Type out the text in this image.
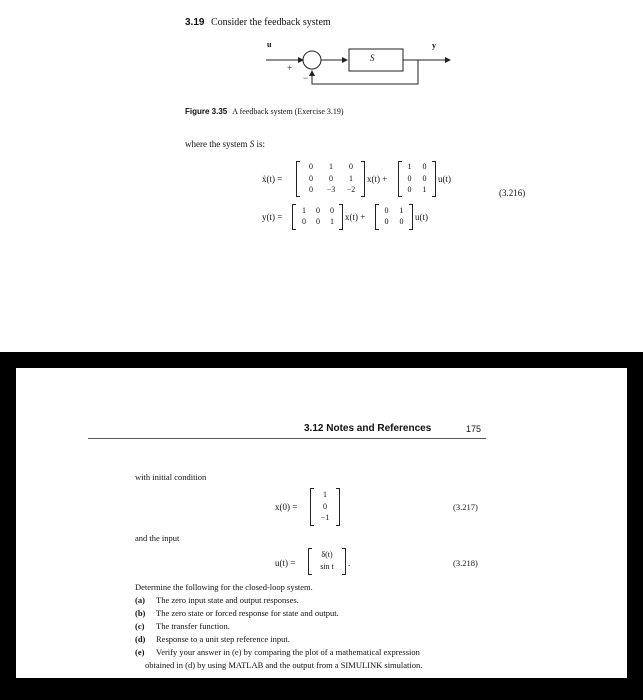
3.19 Consider the feedback system
u	y
S
+
−
Figure 3.35 A feedback system (Exercise 3.19)
where the system S is:
ẋ(t) =
0	1	0
0	0	1
0	−3	−2
x(t) +
1	0
0	0
0	1
u(t)
(3.216)
y(t) =
1	0	0
0	0	1	x(t) +
0	1
0	0	u(t)
3.12 Notes and References	175
with initial condition
x(0) =
1
0
−1
(3.217)
and the input
u(t) =
δ(t)
sin t	.	(3.218)
Determine the following for the closed-loop system.
(a) The zero input state and output responses.
(b) The zero state or forced response for state and output.
(c) The transfer function.
(d) Response to a unit step reference input.
(e) Verify your answer in (e) by comparing the plot of a mathematical expression
obtained in (d) by using MATLAB and the output from a SIMULINK simulation.
